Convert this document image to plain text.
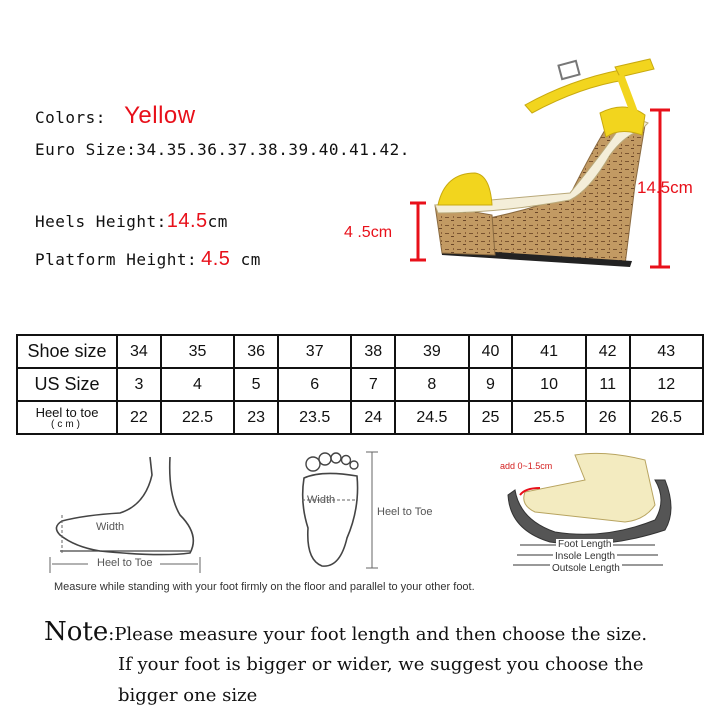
Colors: Yellow
Euro Size:34.35.36.37.38.39.40.41.42.
Heels Height:14.5cm
Platform Height: 4.5 cm
14.5cm
4 .5cm
Shoe size	34	35	36	37	38	39	40	41	42	43
US Size	3	4	5	6	7	8	9	10	11	12

Heel to toe
(cm)	22	22.5	23	23.5	24	24.5	25	25.5	26	26.5
Width
Heel to Toe
Width
Heel to Toe
add 0~1.5cm
Foot Length
Insole Length
Outsole Length
Measure while standing with your foot firmly on the floor and parallel to your other foot.
Note:Please measure your foot length and then choose the size.
If your foot is bigger or wider, we suggest you choose the
bigger one size
